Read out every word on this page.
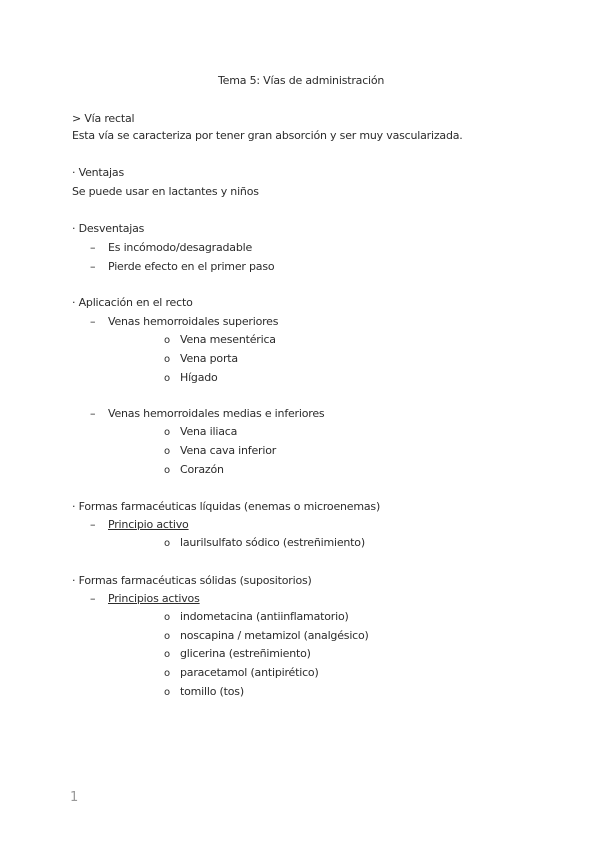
Tema 5: Vías de administración
> Vía rectal
Esta vía se caracteriza por tener gran absorción y ser muy vascularizada.
· Ventajas
Se puede usar en lactantes y niños
· Desventajas
– Es incómodo/desagradable
– Pierde efecto en el primer paso
· Aplicación en el recto
– Venas hemorroidales superiores
o Vena mesentérica
o Vena porta
o Hígado
– Venas hemorroidales medias e inferiores
o Vena iliaca
o Vena cava inferior
o Corazón
· Formas farmacéuticas líquidas (enemas o microenemas)
– Principio activo
o laurilsulfato sódico (estreñimiento)
· Formas farmacéuticas sólidas (supositorios)
– Principios activos
o indometacina (antiinflamatorio)
o noscapina / metamizol (analgésico)
o glicerina (estreñimiento)
o paracetamol (antipirético)
o tomillo (tos)
1
